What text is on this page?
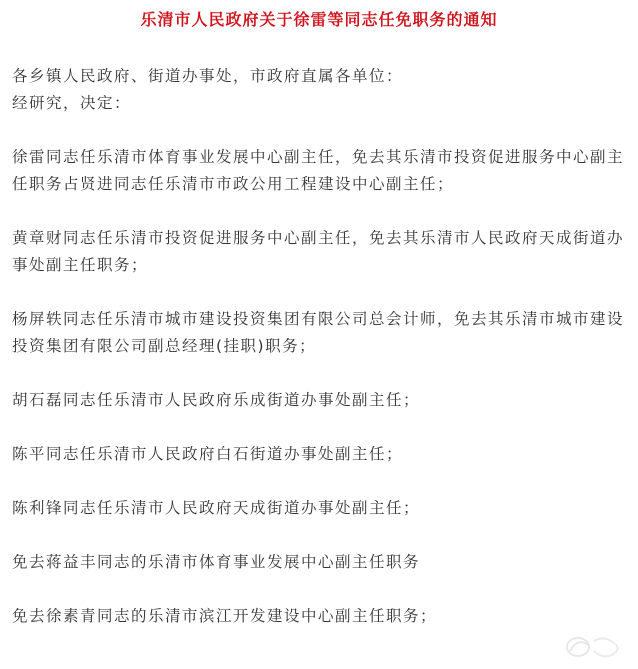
乐清市人民政府关于徐雷等同志任免职务的通知

各乡镇人民政府、街道办事处，市政府直属各单位：

经研究，决定：

徐雷同志任乐清市体育事业发展中心副主任，免去其乐清市投资促进服务中心副主任职务占贤进同志任乐清市市政公用工程建设中心副主任；

黄章财同志任乐清市投资促进服务中心副主任，免去其乐清市人民政府天成街道办事处副主任职务；

杨屏轶同志任乐清市城市建设投资集团有限公司总会计师，免去其乐清市城市建设投资集团有限公司副总经理(挂职)职务；

胡石磊同志任乐清市人民政府乐成街道办事处副主任；

陈平同志任乐清市人民政府白石街道办事处副主任；

陈利锋同志任乐清市人民政府天成街道办事处副主任；

免去蒋益丰同志的乐清市体育事业发展中心副主任职务

免去徐素青同志的乐清市滨江开发建设中心副主任职务；
